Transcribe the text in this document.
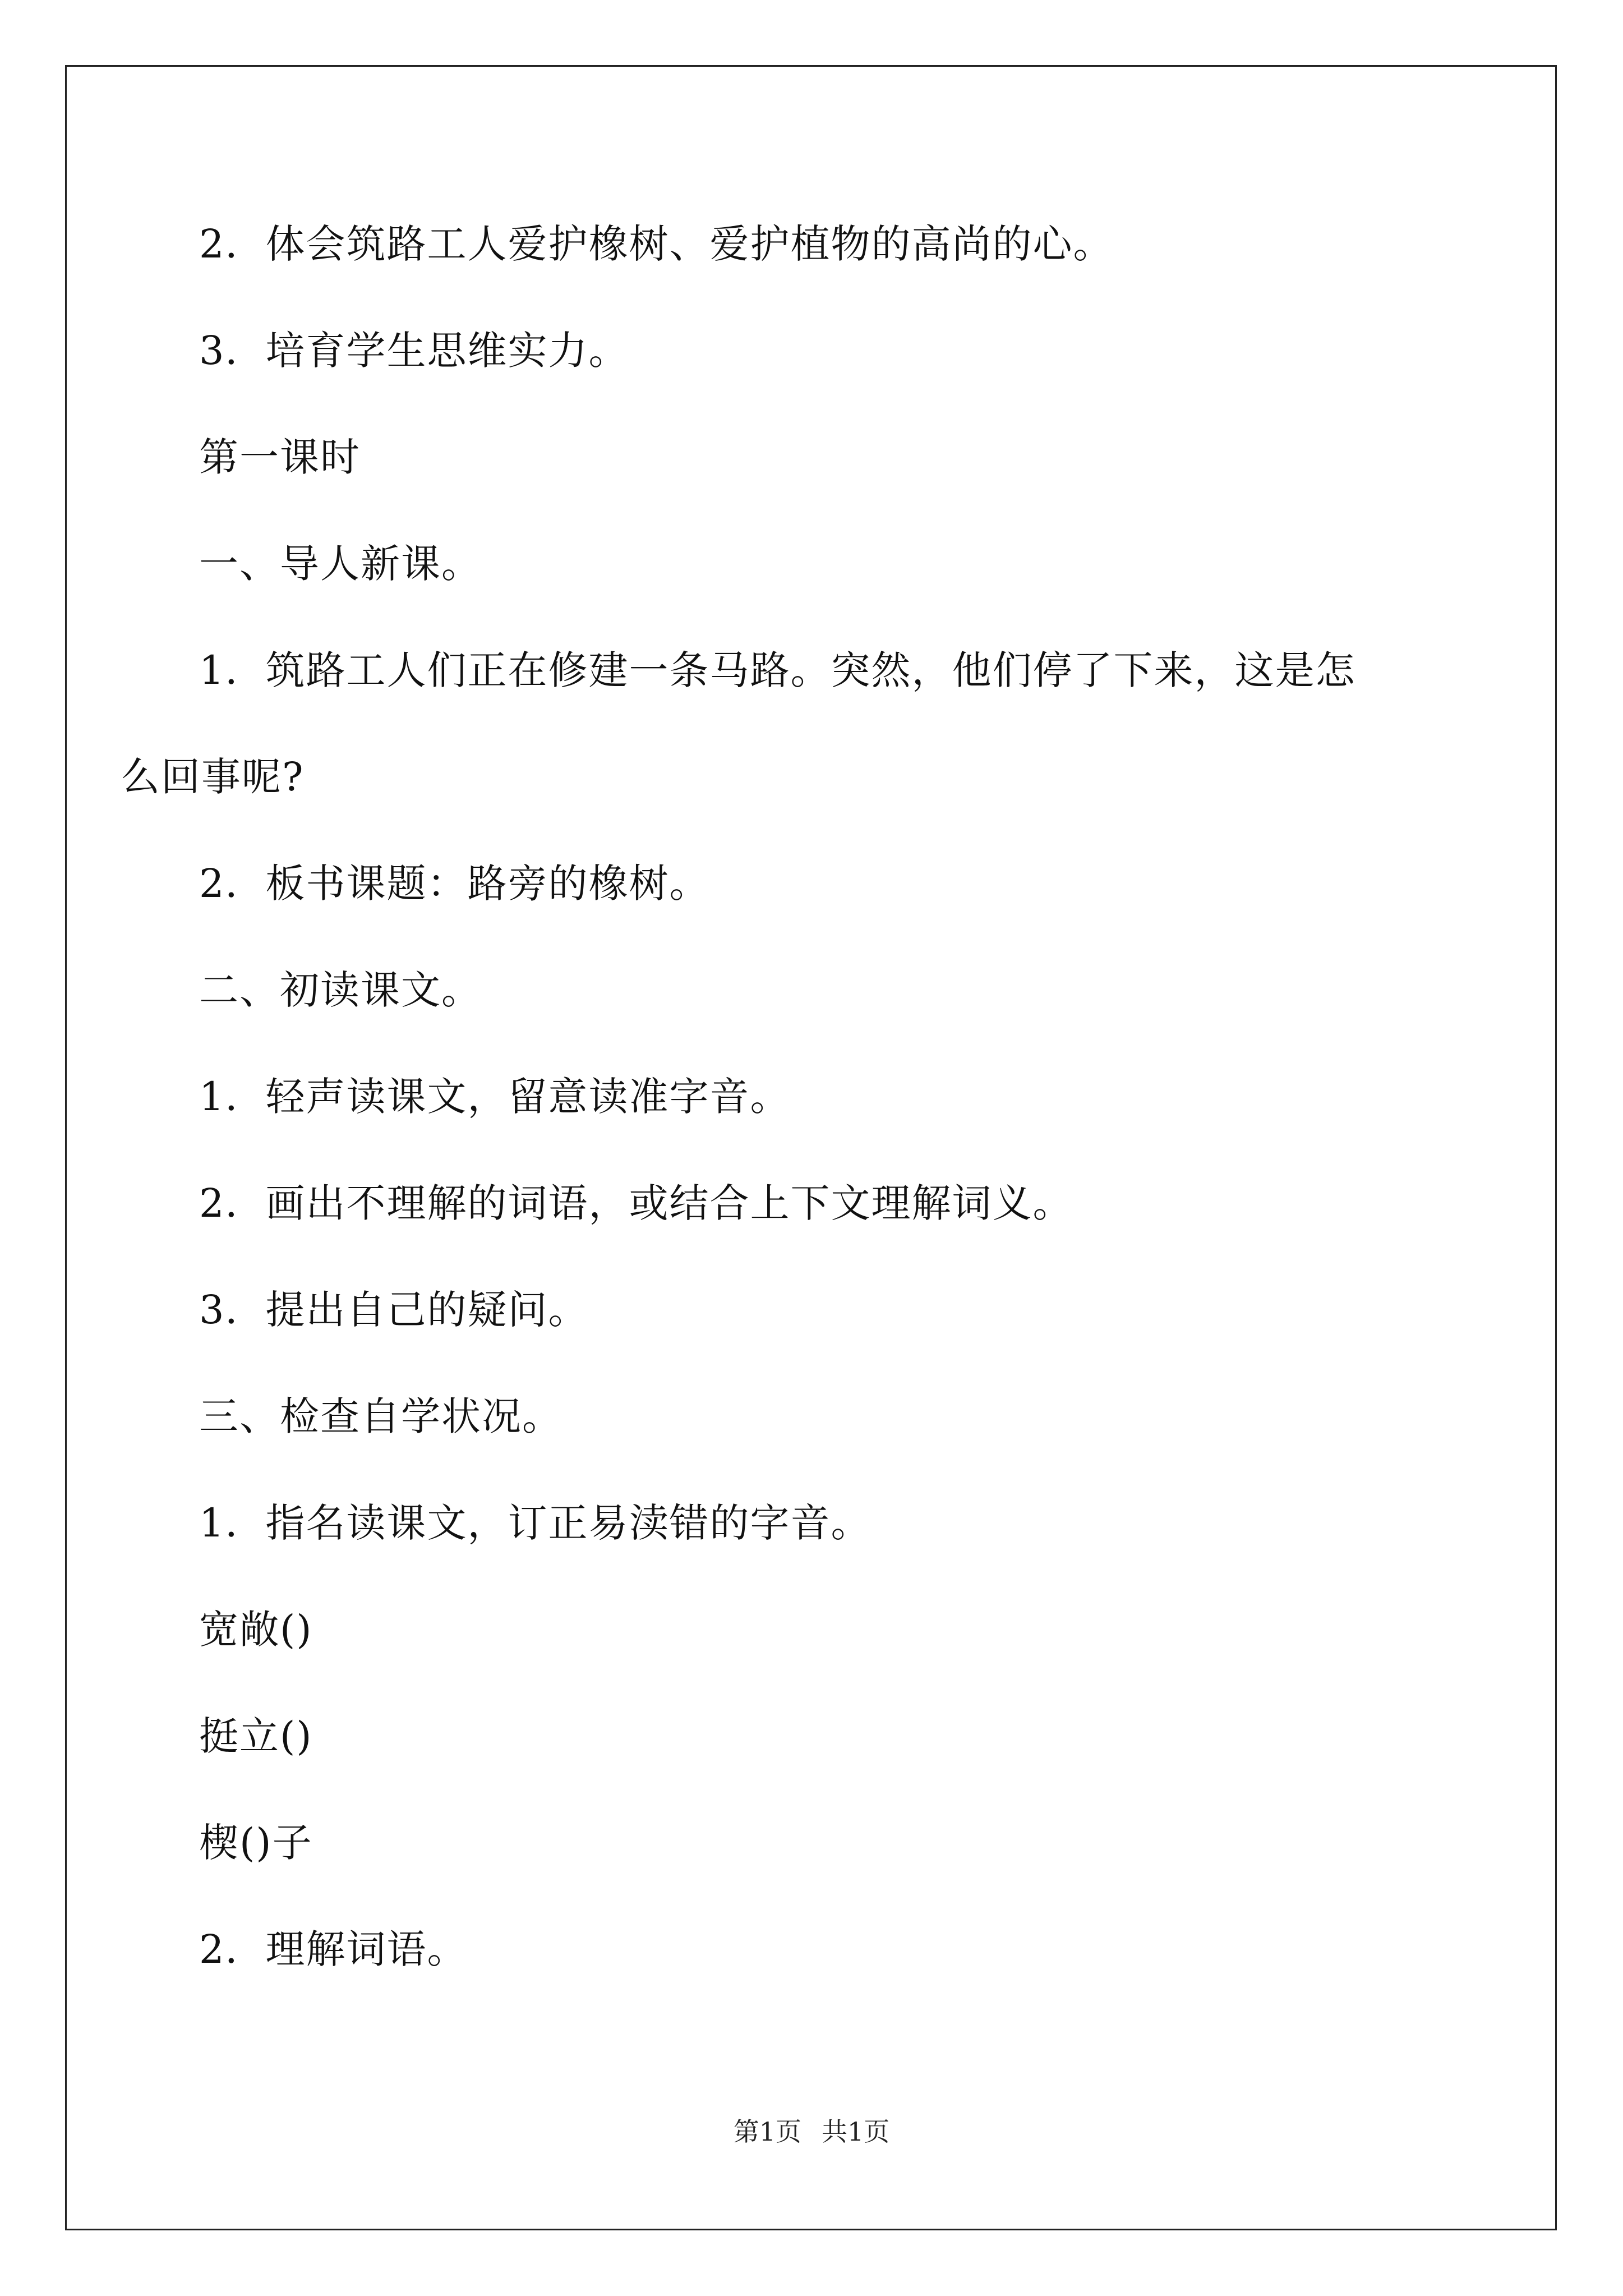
2．体会筑路工人爱护橡树、爱护植物的高尚的心。
3．培育学生思维实力。
第一课时
一、导人新课。
1．筑路工人们正在修建一条马路。突然，他们停了下来，这是怎
么回事呢?
2．板书课题：路旁的橡树。
二、初读课文。
1．轻声读课文，留意读准字音。
2．画出不理解的词语，或结合上下文理解词义。
3．提出自己的疑问。
三、检查自学状况。
1．指名读课文，订正易渎错的字音。
宽敞()
挺立()
楔()子
2．理解词语。
第1页 共1页
